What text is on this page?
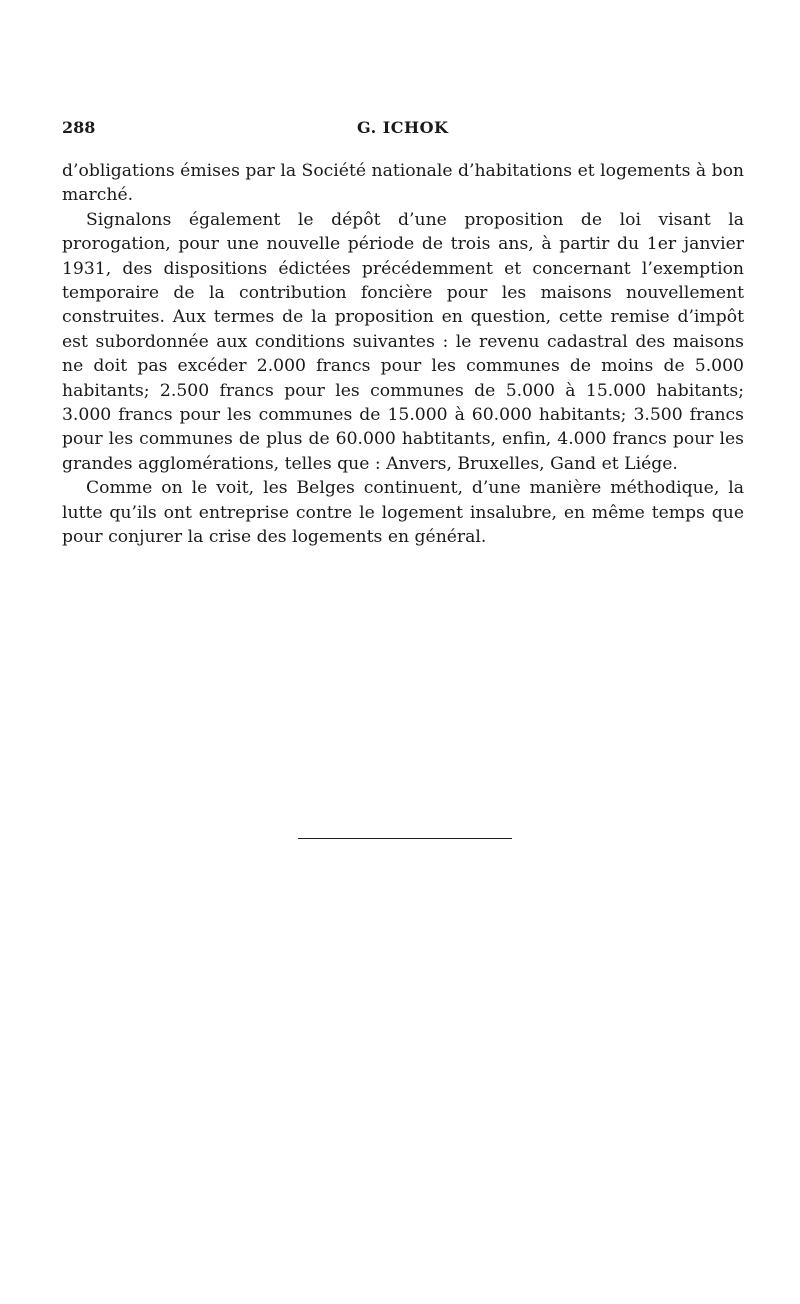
288	G. ICHOK

d’obligations émises par la Société nationale d’habitations et logements à bon marché.

Signalons également le dépôt d’une proposition de loi visant la prorogation, pour une nouvelle période de trois ans, à partir du 1er janvier 1931, des dispositions édictées précédemment et concernant l’exemption temporaire de la contribution foncière pour les maisons nouvellement construites. Aux termes de la proposition en question, cette remise d’impôt est subordonnée aux conditions suivantes : le revenu cadastral des maisons ne doit pas excéder 2.000 francs pour les communes de moins de 5.000 habitants; 2.500 francs pour les communes de 5.000 à 15.000 habitants; 3.000 francs pour les communes de 15.000 à 60.000 habitants; 3.500 francs pour les communes de plus de 60.000 habtitants, enfin, 4.000 francs pour les grandes agglomérations, telles que : Anvers, Bruxelles, Gand et Liége.

Comme on le voit, les Belges continuent, d’une manière méthodique, la lutte qu’ils ont entreprise contre le logement insalubre, en même temps que pour conjurer la crise des logements en général.
